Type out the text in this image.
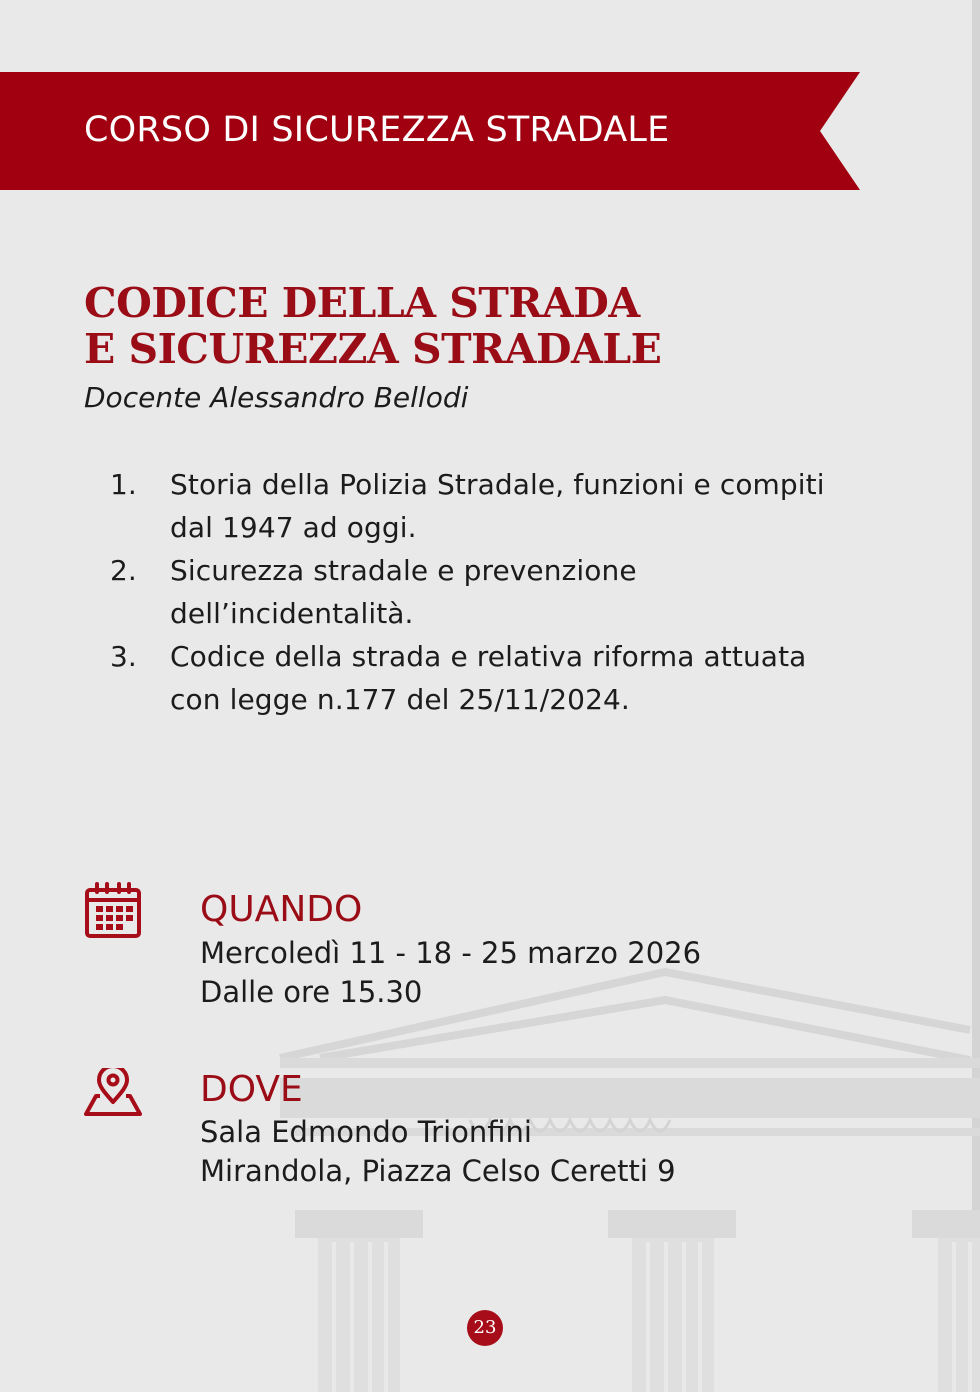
CORSO DI SICUREZZA STRADALE
CODICE DELLA STRADA
E SICUREZZA STRADALE

Docente Alessandro Bellodi

1. Storia della Polizia Stradale, funzioni e compiti
dal 1947 ad oggi.
2. Sicurezza stradale e prevenzione
dell’incidentalità.
3. Codice della strada e relativa riforma attuata
con legge n.177 del 25/11/2024.
QUANDO
Mercoledì 11 - 18 - 25 marzo 2026
Dalle ore 15.30
DOVE
Sala Edmondo Trionfini
Mirandola, Piazza Celso Ceretti 9
23
